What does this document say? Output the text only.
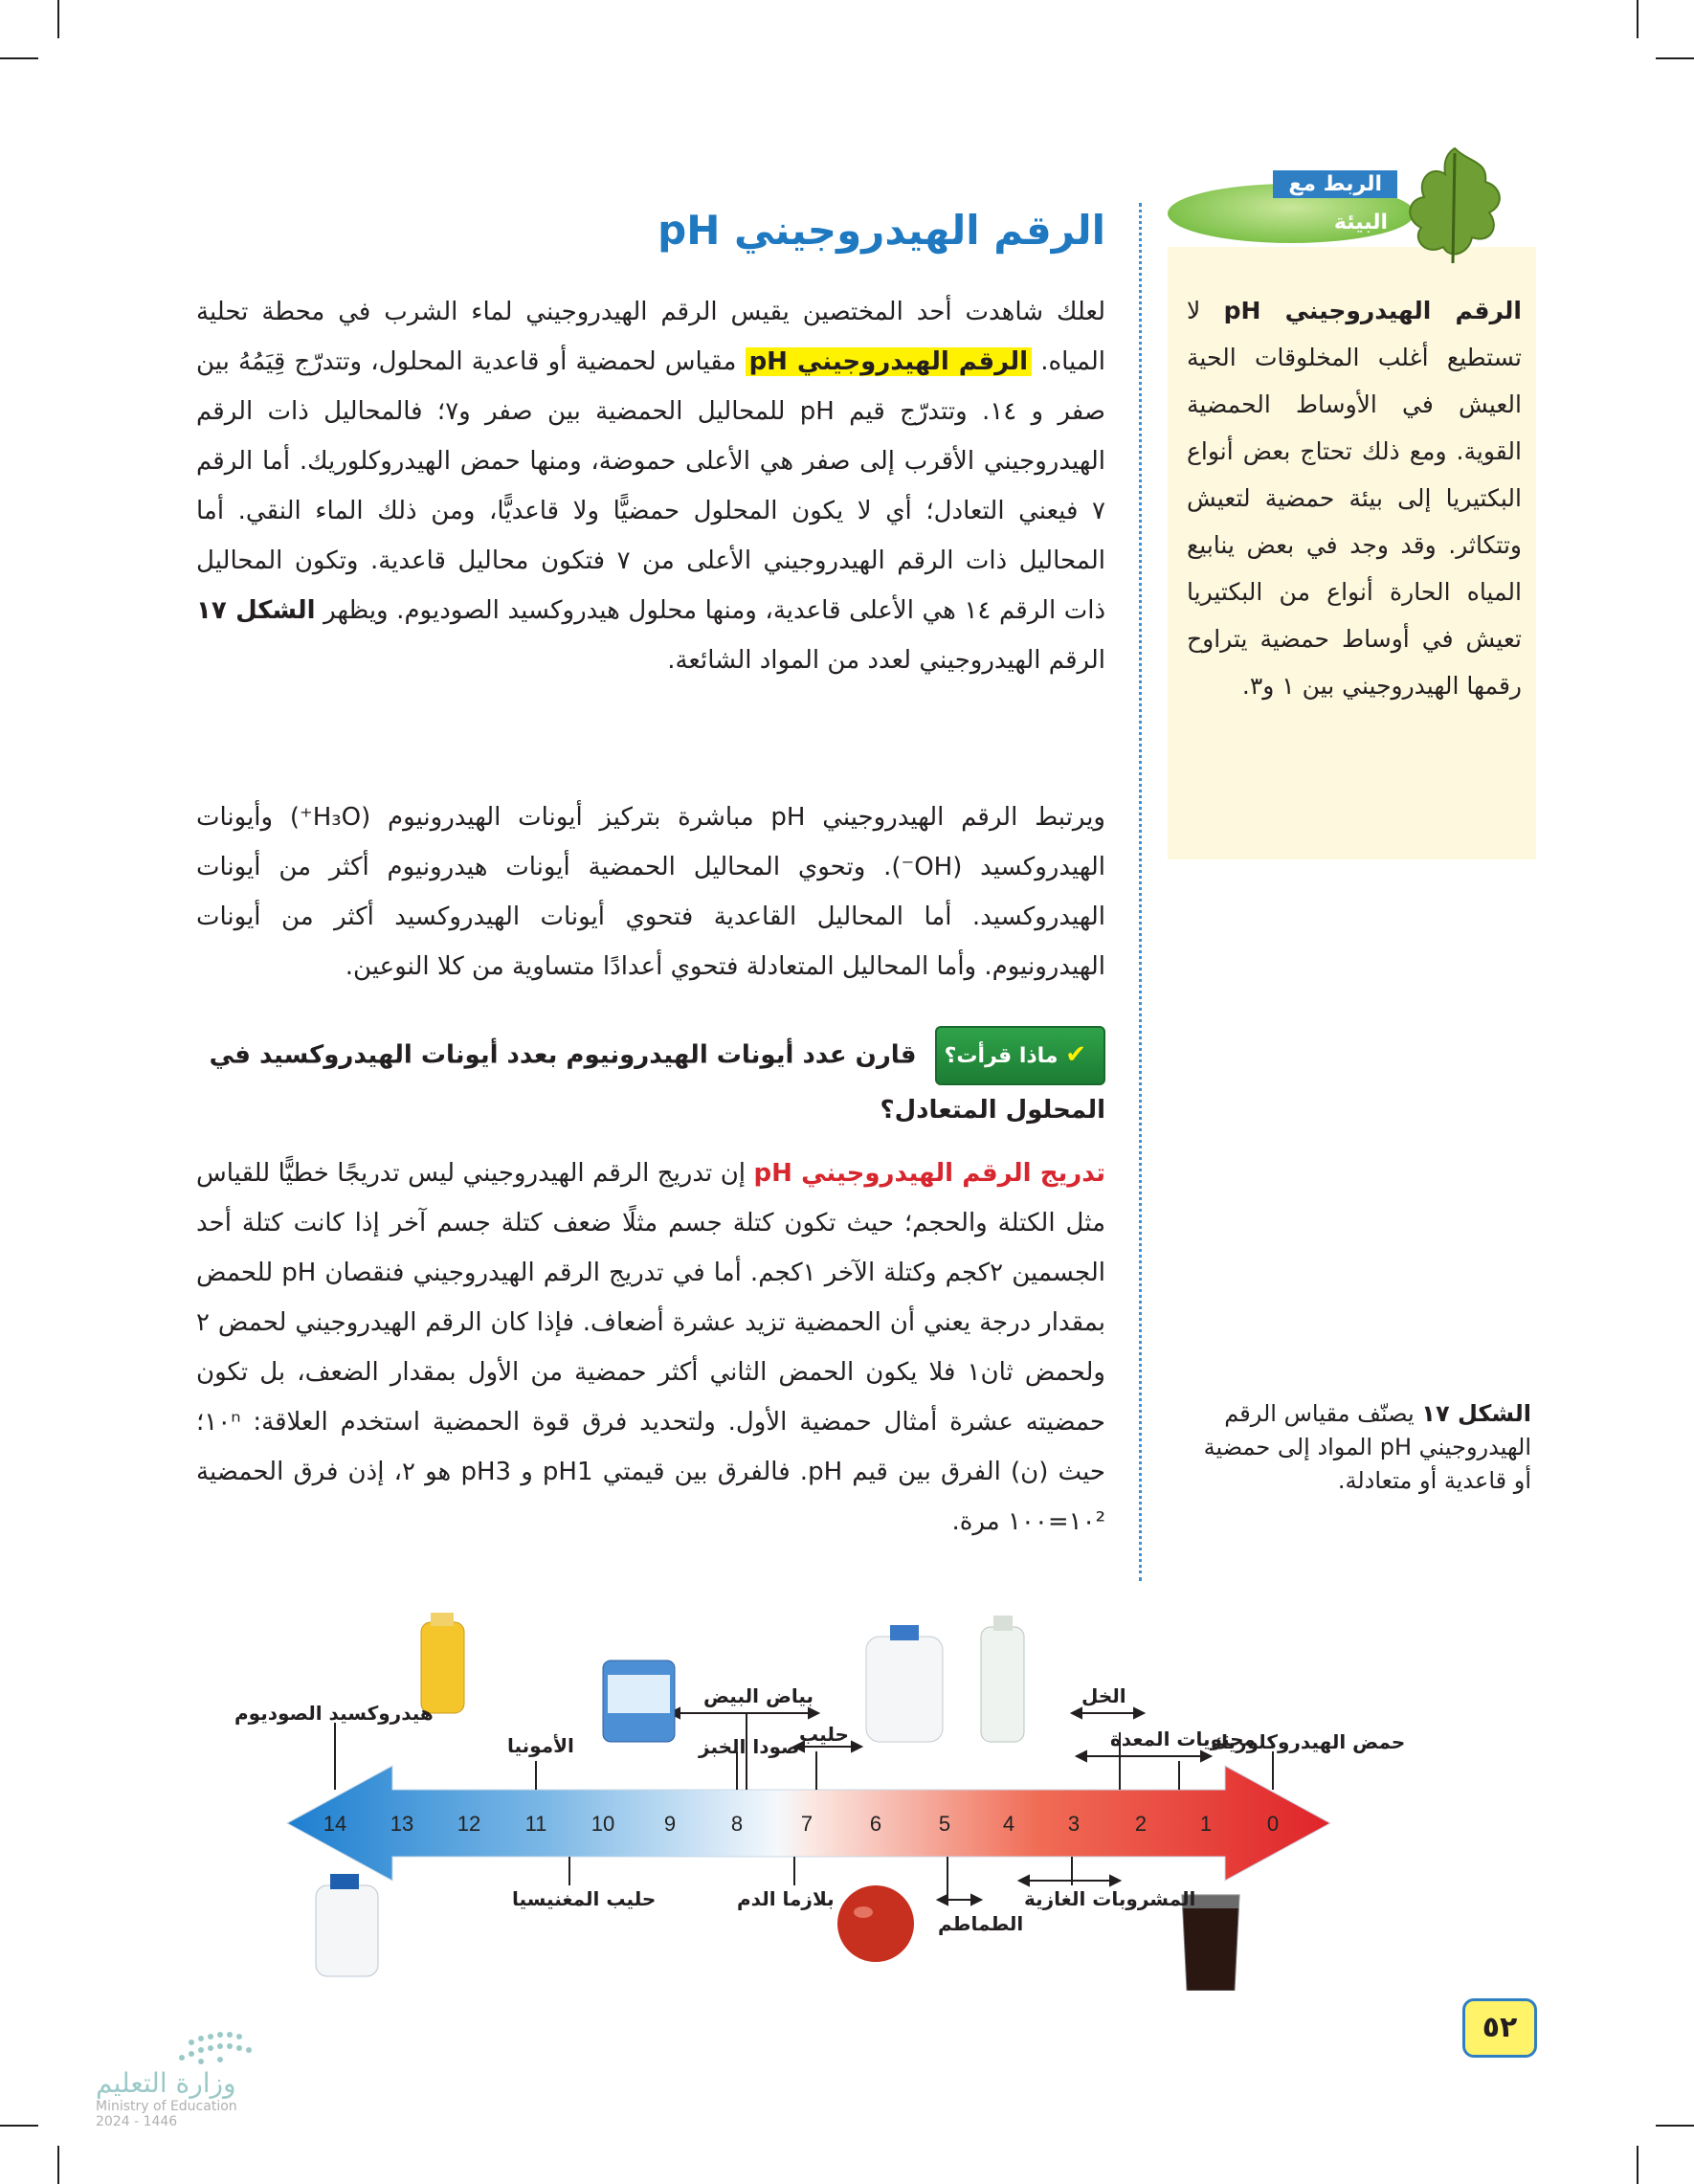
الربط مع
البيئة
الرقم الهيدروجيني pH لا تستطيع أغلب المخلوقات الحية العيش في الأوساط الحمضية القوية. ومع ذلك تحتاج بعض أنواع البكتيريا إلى بيئة حمضية لتعيش وتتكاثر. وقد وجد في بعض ينابيع المياه الحارة أنواع من البكتيريا تعيش في أوساط حمضية يتراوح رقمها الهيدروجيني بين ١ و٣.
الرقم الهيدروجيني pH
لعلك شاهدت أحد المختصين يقيس الرقم الهيدروجيني لماء الشرب في محطة تحلية المياه. الرقم الهيدروجيني pH مقياس لحمضية أو قاعدية المحلول، وتتدرّج قِيَمُهُ بين صفر و ١٤. وتتدرّج قيم pH للمحاليل الحمضية بين صفر و٧؛ فالمحاليل ذات الرقم الهيدروجيني الأقرب إلى صفر هي الأعلى حموضة، ومنها حمض الهيدروكلوريك. أما الرقم ٧ فيعني التعادل؛ أي لا يكون المحلول حمضيًّا ولا قاعديًّا، ومن ذلك الماء النقي. أما المحاليل ذات الرقم الهيدروجيني الأعلى من ٧ فتكون محاليل قاعدية. وتكون المحاليل ذات الرقم ١٤ هي الأعلى قاعدية، ومنها محلول هيدروكسيد الصوديوم. ويظهر الشكل ١٧ الرقم الهيدروجيني لعدد من المواد الشائعة.
ويرتبط الرقم الهيدروجيني pH مباشرة بتركيز أيونات الهيدرونيوم (H₃O⁺) وأيونات الهيدروكسيد (OH⁻). وتحوي المحاليل الحمضية أيونات هيدرونيوم أكثر من أيونات الهيدروكسيد. أما المحاليل القاعدية فتحوي أيونات الهيدروكسيد أكثر من أيونات الهيدرونيوم. وأما المحاليل المتعادلة فتحوي أعدادًا متساوية من كلا النوعين.
✔ ماذا قرأت؟ قارن عدد أيونات الهيدرونيوم بعدد أيونات الهيدروكسيد في المحلول المتعادل؟
تدريج الرقم الهيدروجيني pH إن تدريج الرقم الهيدروجيني ليس تدريجًا خطيًّا للقياس مثل الكتلة والحجم؛ حيث تكون كتلة جسم مثلًا ضعف كتلة جسم آخر إذا كانت كتلة أحد الجسمين ٢كجم وكتلة الآخر ١كجم. أما في تدريج الرقم الهيدروجيني فنقصان pH للحمض بمقدار درجة يعني أن الحمضية تزيد عشرة أضعاف. فإذا كان الرقم الهيدروجيني لحمض ٢ ولحمض ثان١ فلا يكون الحمض الثاني أكثر حمضية من الأول بمقدار الضعف، بل تكون حمضيته عشرة أمثال حمضية الأول. ولتحديد فرق قوة الحمضية استخدم العلاقة: ١٠ⁿ؛ حيث (ن) الفرق بين قيم pH. فالفرق بين قيمتي pH1 و pH3 هو ٢، إذن فرق الحمضية ١٠²=١٠٠ مرة.
الشكل ١٧ يصنّف مقياس الرقم الهيدروجيني pH المواد إلى حمضية أو قاعدية أو متعادلة.
14 13 12 11 10 9	8	7	6	5 4	3	2	1	0
حمض الهيدروكلوريك
محتويات المعدة
الخل
حليب
بياض البيض
صودا الخبز
الأمونيا
هيدروكسيد الصوديوم
المشروبات الغازية
الطماطم
بلازما الدم
حليب المغنيسيا
٥٢
وزارة التعليم
Ministry of Education
2024 - 1446
